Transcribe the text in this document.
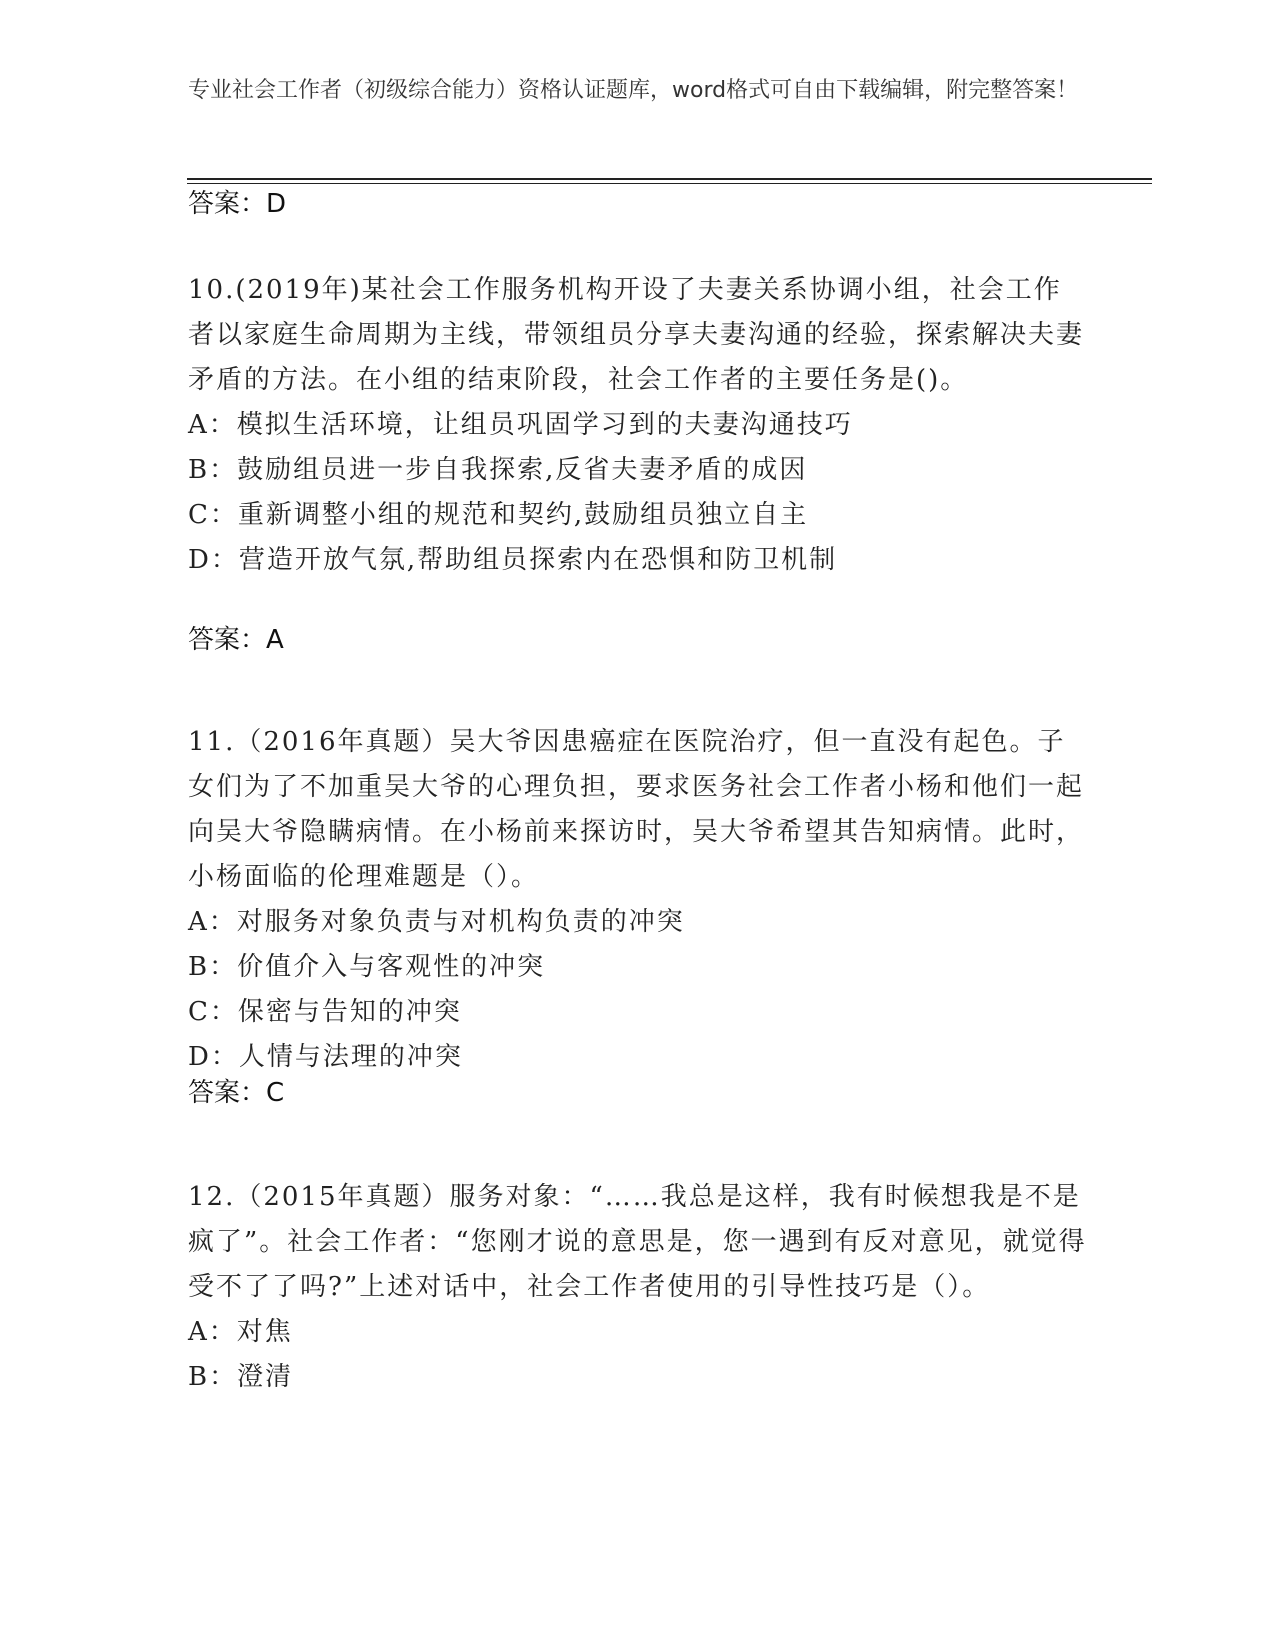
专业社会工作者（初级综合能力）资格认证题库，word格式可自由下载编辑，附完整答案！
答案：D

10.(2019年)某社会工作服务机构开设了夫妻关系协调小组，社会工作者以家庭生命周期为主线，带领组员分享夫妻沟通的经验，探索解决夫妻矛盾的方法。在小组的结束阶段，社会工作者的主要任务是()。

A：模拟生活环境，让组员巩固学习到的夫妻沟通技巧
B：鼓励组员进一步自我探索,反省夫妻矛盾的成因
C：重新调整小组的规范和契约,鼓励组员独立自主
D：营造开放气氛,帮助组员探索内在恐惧和防卫机制
答案：A

11.（2016年真题）吴大爷因患癌症在医院治疗，但一直没有起色。子女们为了不加重吴大爷的心理负担，要求医务社会工作者小杨和他们一起向吴大爷隐瞒病情。在小杨前来探访时，吴大爷希望其告知病情。此时，小杨面临的伦理难题是（）。

A：对服务对象负责与对机构负责的冲突
B：价值介入与客观性的冲突
C：保密与告知的冲突
D：人情与法理的冲突
答案：C

12.（2015年真题）服务对象：“……我总是这样，我有时候想我是不是疯了”。社会工作者：“您刚才说的意思是，您一遇到有反对意见，就觉得受不了了吗?”上述对话中，社会工作者使用的引导性技巧是（）。

A：对焦
B：澄清
